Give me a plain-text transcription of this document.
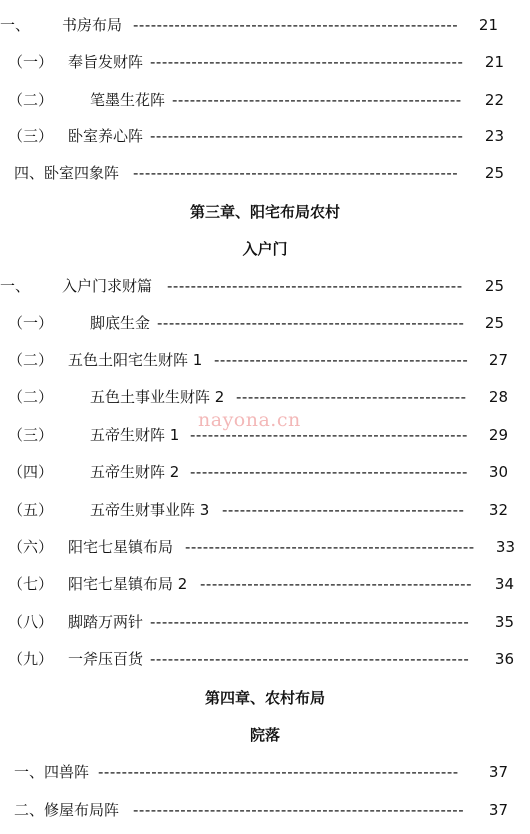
一、 书房布局 -------------------------------------------------------	21
（一） 奉旨发财阵 -----------------------------------------------------	21
（二） 笔墨生花阵 -------------------------------------------------	22
（三） 卧室养心阵 -----------------------------------------------------	23
四、卧室四象阵 -------------------------------------------------------	25
第三章、阳宅布局农村
入户门
一、 入户门求财篇 --------------------------------------------------	25
（一） 脚底生金 ----------------------------------------------------	25
（二） 五色土阳宅生财阵 1 -------------------------------------------	27
（二） 五色土事业生财阵 2 ---------------------------------------	28
nayona.cn
（三） 五帝生财阵 1 -----------------------------------------------	29
（四） 五帝生财阵 2 -----------------------------------------------	30
（五） 五帝生财事业阵 3 -----------------------------------------	32
（六） 阳宅七星镇布局 -------------------------------------------------	33
（七） 阳宅七星镇布局 2 ----------------------------------------------	34
（八） 脚踏万两针 ------------------------------------------------------	35
（九） 一斧压百货 ------------------------------------------------------	36
第四章、农村布局
院落
一、四兽阵 -------------------------------------------------------------	37
二、修屋布局阵 --------------------------------------------------------	37
